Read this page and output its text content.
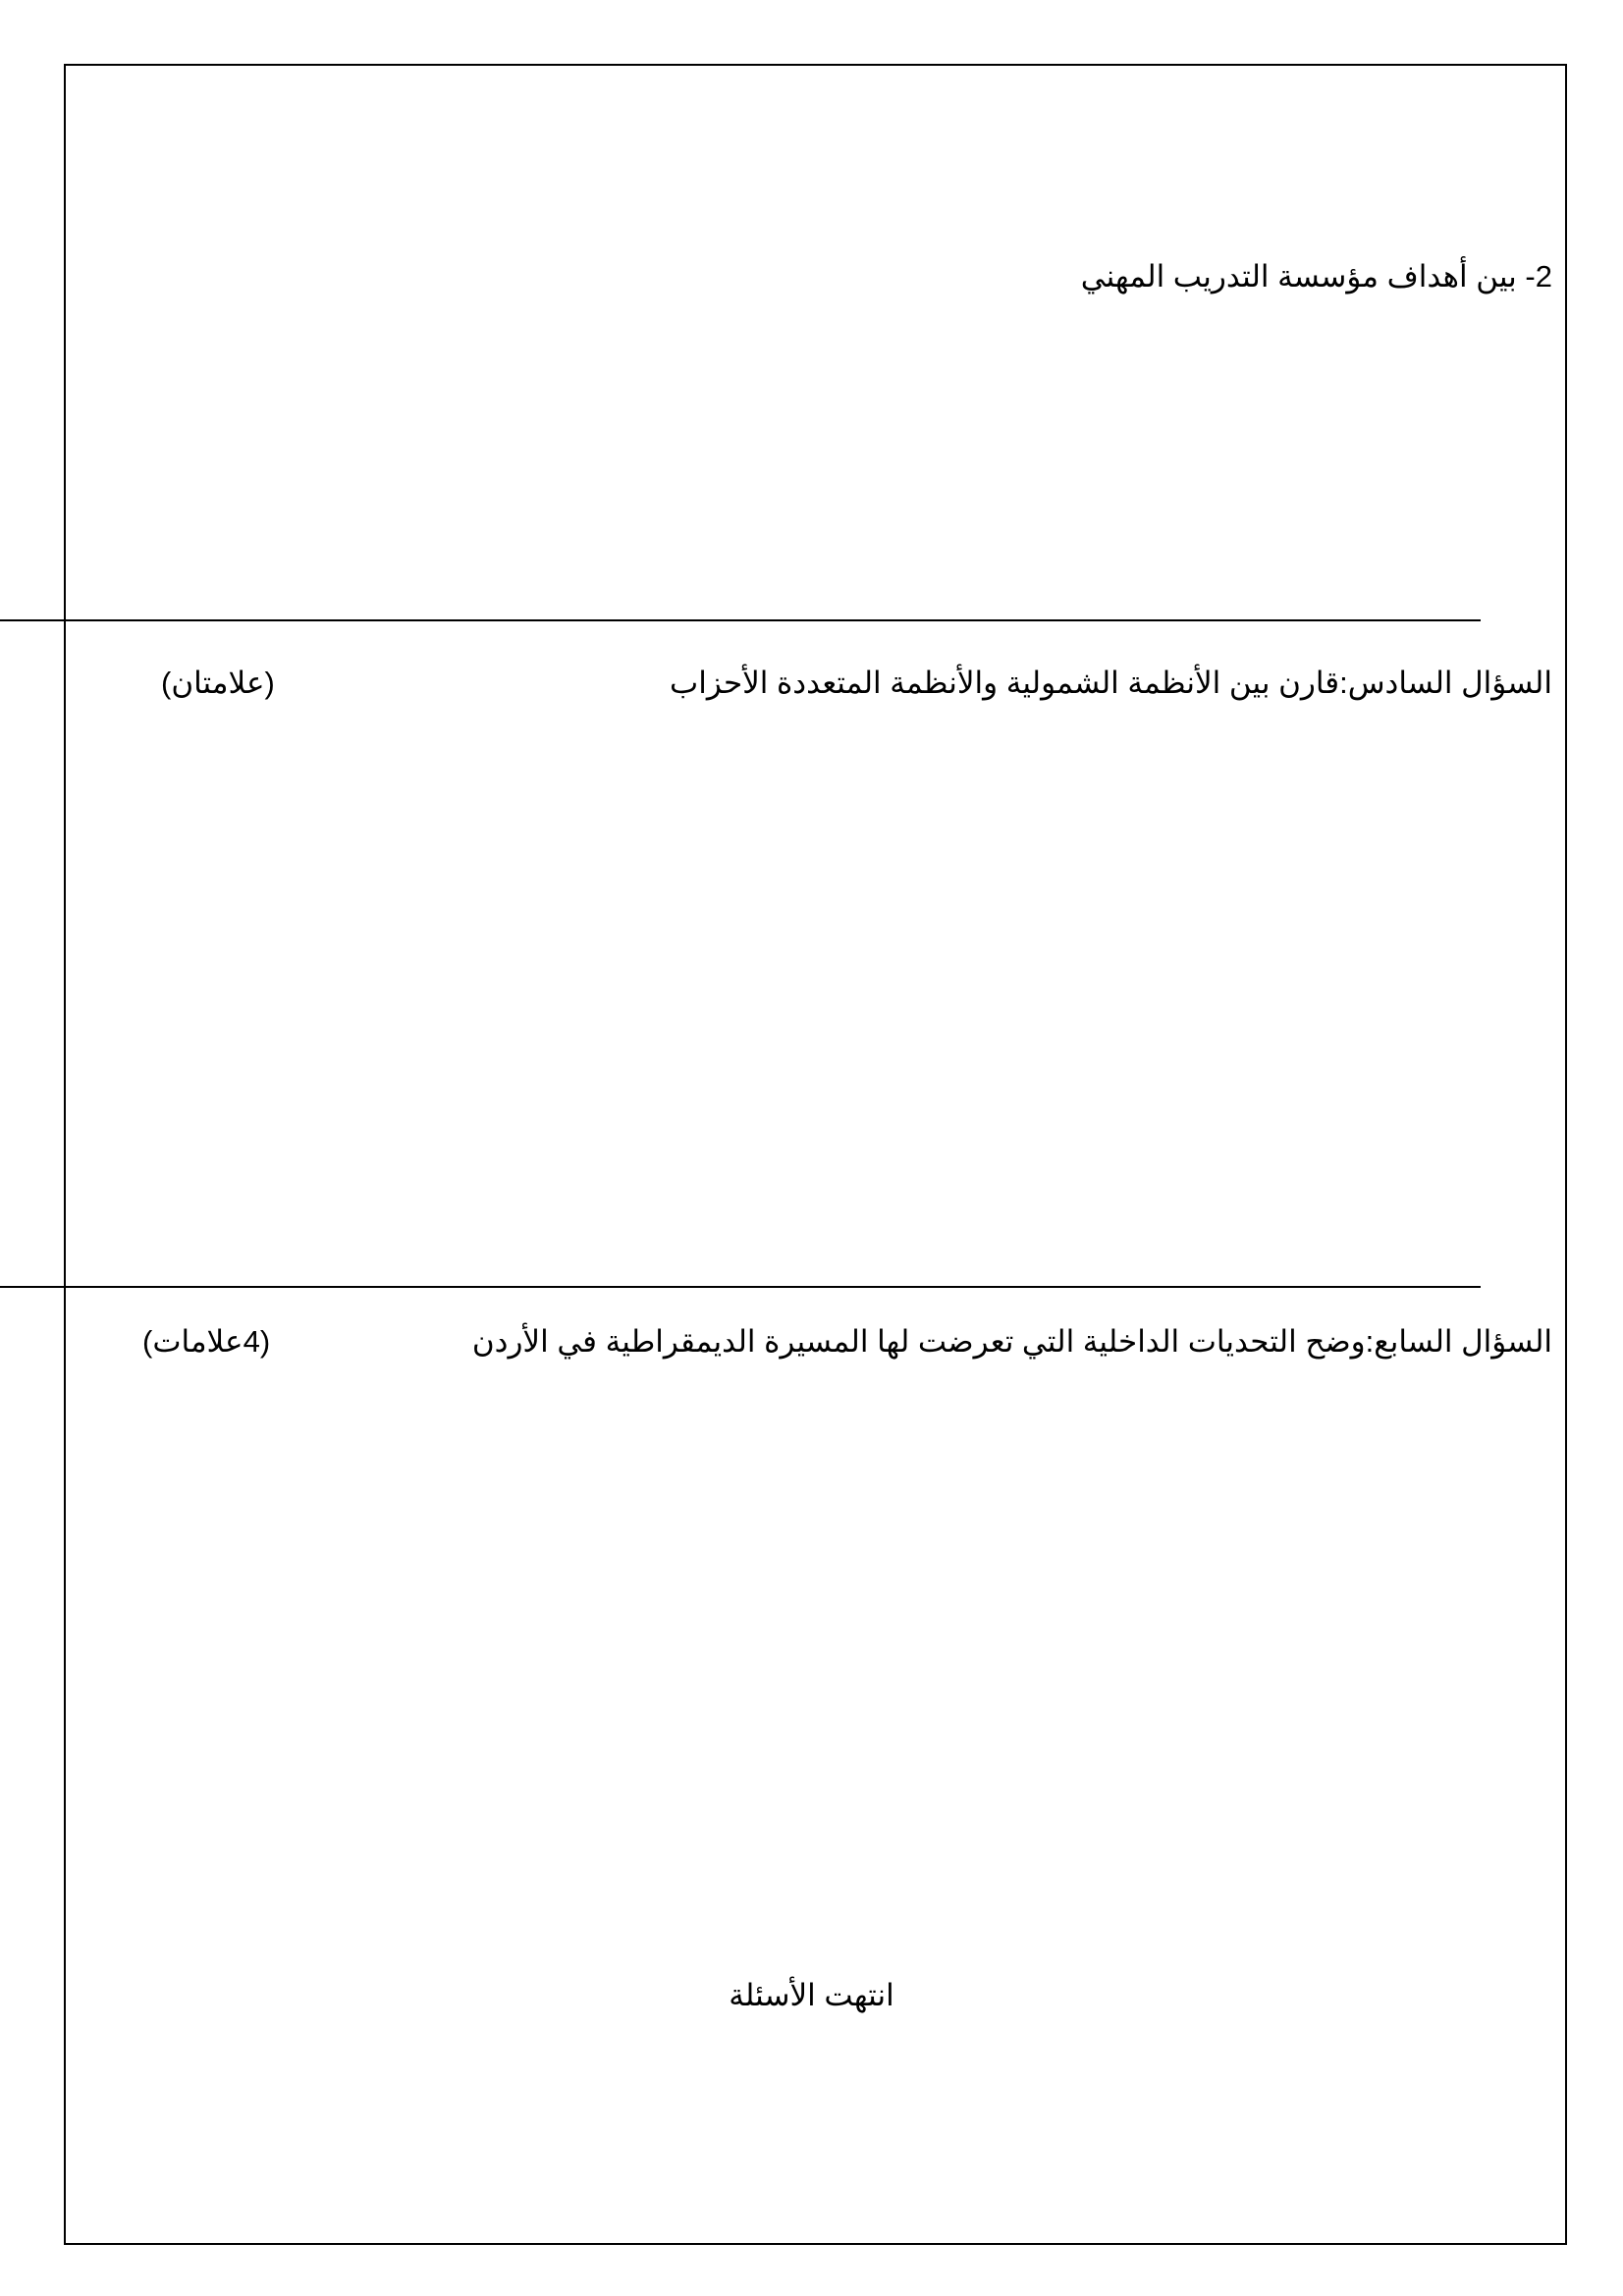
2- بين أهداف مؤسسة التدريب المهني
السؤال السادس:قارن بين الأنظمة الشمولية والأنظمة المتعددة الأحزاب
(علامتان)
السؤال السابع:وضح التحديات الداخلية التي تعرضت لها المسيرة الديمقراطية في الأردن
(4علامات)
انتهت الأسئلة
